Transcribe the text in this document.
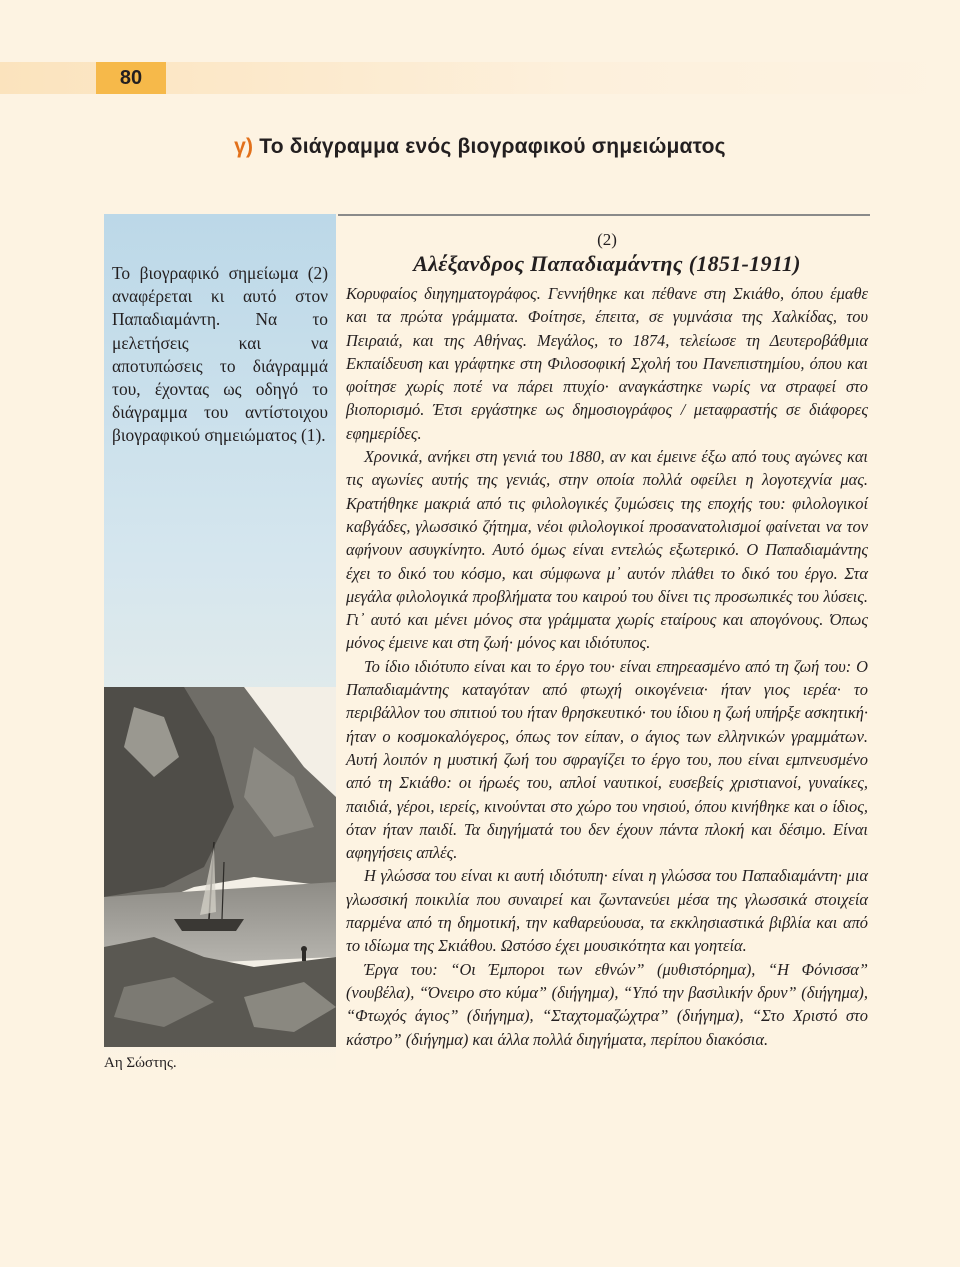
80
γ) Το διάγραμμα ενός βιογραφικού σημειώματος
Το βιογραφικό σημείωμα (2) αναφέρεται κι αυτό στον Παπαδιαμάντη. Να το μελετήσεις και να αποτυπώσεις το διάγραμμά του, έχοντας ως οδηγό το διάγραμμα του αντίστοιχου βιογραφικού σημειώματος (1).
Αη Σώστης.
(2)
Αλέξανδρος Παπαδιαμάντης (1851-1911)

Κορυφαίος διηγηματογράφος. Γεννήθηκε και πέθανε στη Σκιάθο, όπου έμαθε και τα πρώτα γράμματα. Φοίτησε, έπειτα, σε γυμνάσια της Χαλκίδας, του Πειραιά, και της Αθήνας. Μεγάλος, το 1874, τελείωσε τη Δευτεροβάθμια Εκπαίδευση και γράφτηκε στη Φιλοσοφική Σχολή του Πανεπιστημίου, όπου και φοίτησε χωρίς ποτέ να πάρει πτυχίο· αναγκάστηκε νωρίς να στραφεί στο βιοπορισμό. Έτσι εργάστηκε ως δημοσιογράφος / μεταφραστής σε διάφορες εφημερίδες.

Χρονικά, ανήκει στη γενιά του 1880, αν και έμεινε έξω από τους αγώνες και τις αγωνίες αυτής της γενιάς, στην οποία πολλά οφείλει η λογοτεχνία μας. Κρατήθηκε μακριά από τις φιλολογικές ζυμώσεις της εποχής του: φιλολογικοί καβγάδες, γλωσσικό ζήτημα, νέοι φιλολογικοί προσανατολισμοί φαίνεται να τον αφήνουν ασυγκίνητο. Αυτό όμως είναι εντελώς εξωτερικό. Ο Παπαδιαμάντης έχει το δικό του κόσμο, και σύμφωνα μ᾽ αυτόν πλάθει το δικό του έργο. Στα μεγάλα φιλολογικά προβλήματα του καιρού του δίνει τις προσωπικές του λύσεις. Γι᾽ αυτό και μένει μόνος στα γράμματα χωρίς εταίρους και απογόνους. Όπως μόνος έμεινε και στη ζωή· μόνος και ιδιότυπος.

Το ίδιο ιδιότυπο είναι και το έργο του· είναι επηρεασμένο από τη ζωή του: Ο Παπαδιαμάντης καταγόταν από φτωχή οικογένεια· ήταν γιος ιερέα· το περιβάλλον του σπιτιού του ήταν θρησκευτικό· του ίδιου η ζωή υπήρξε ασκητική· ήταν ο κοσμοκαλόγερος, όπως τον είπαν, ο άγιος των ελληνικών γραμμάτων. Αυτή λοιπόν η μυστική ζωή του σφραγίζει το έργο του, που είναι εμπνευσμένο από τη Σκιάθο: οι ήρωές του, απλοί ναυτικοί, ευσεβείς χριστιανοί, γυναίκες, παιδιά, γέροι, ιερείς, κινούνται στο χώρο του νησιού, όπου κινήθηκε και ο ίδιος, όταν ήταν παιδί. Τα διηγήματά του δεν έχουν πάντα πλοκή και δέσιμο. Είναι αφηγήσεις απλές.

Η γλώσσα του είναι κι αυτή ιδιότυπη· είναι η γλώσσα του Παπαδιαμάντη· μια γλωσσική ποικιλία που συναιρεί και ζωντανεύει μέσα της γλωσσικά στοιχεία παρμένα από τη δημοτική, την καθαρεύουσα, τα εκκλησιαστικά βιβλία και από το ιδίωμα της Σκιάθου. Ωστόσο έχει μουσικότητα και γοητεία.

Έργα του: “Οι Έμποροι των εθνών” (μυθιστόρημα), “Η Φόνισσα” (νουβέλα), “Όνειρο στο κύμα” (διήγημα), “Υπό την βασιλικήν δρυν” (διήγημα), “Φτωχός άγιος” (διήγημα), “Σταχτομαζώχτρα” (διήγημα), “Στο Χριστό στο κάστρο” (διήγημα) και άλλα πολλά διηγήματα, περίπου διακόσια.
